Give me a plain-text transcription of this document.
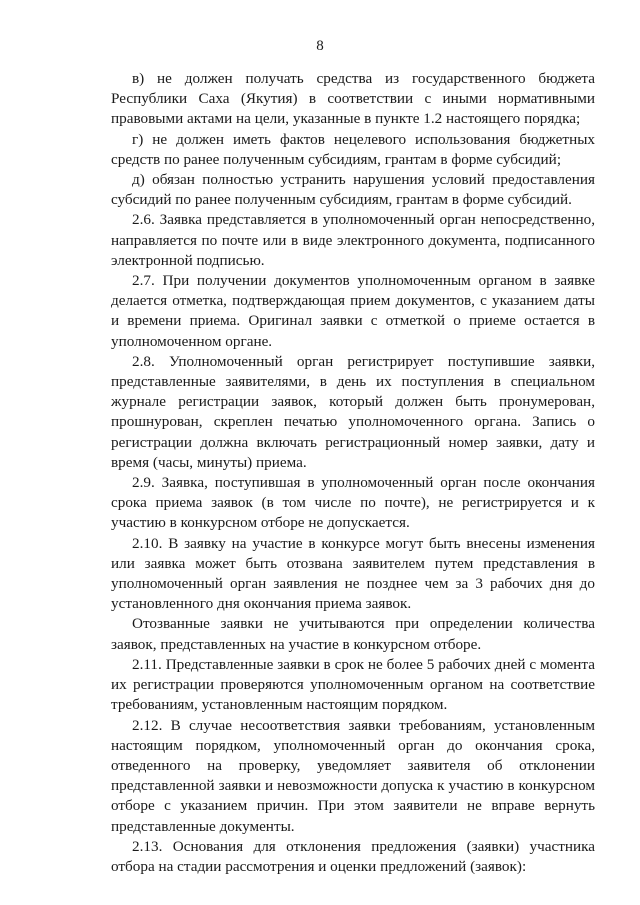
8

в) не должен получать средства из государственного бюджета Республики Саха (Якутия) в соответствии с иными нормативными правовыми актами на цели, указанные в пункте 1.2 настоящего порядка;

г) не должен иметь фактов нецелевого использования бюджетных средств по ранее полученным субсидиям, грантам в форме субсидий;

д) обязан полностью устранить нарушения условий предоставления субсидий по ранее полученным субсидиям, грантам в форме субсидий.

2.6. Заявка представляется в уполномоченный орган непосредственно, направляется по почте или в виде электронного документа, подписанного электронной подписью.

2.7. При получении документов уполномоченным органом в заявке делается отметка, подтверждающая прием документов, с указанием даты и времени приема. Оригинал заявки с отметкой о приеме остается в уполномоченном органе.

2.8. Уполномоченный орган регистрирует поступившие заявки, представленные заявителями, в день их поступления в специальном журнале регистрации заявок, который должен быть пронумерован, прошнурован, скреплен печатью уполномоченного органа. Запись о регистрации должна включать регистрационный номер заявки, дату и время (часы, минуты) приема.

2.9. Заявка, поступившая в уполномоченный орган после окончания срока приема заявок (в том числе по почте), не регистрируется и к участию в конкурсном отборе не допускается.

2.10. В заявку на участие в конкурсе могут быть внесены изменения или заявка может быть отозвана заявителем путем представления в уполномоченный орган заявления не позднее чем за 3 рабочих дня до установленного дня окончания приема заявок.

Отозванные заявки не учитываются при определении количества заявок, представленных на участие в конкурсном отборе.

2.11. Представленные заявки в срок не более 5 рабочих дней с момента их регистрации проверяются уполномоченным органом на соответствие требованиям, установленным настоящим порядком.

2.12. В случае несоответствия заявки требованиям, установленным настоящим порядком, уполномоченный орган до окончания срока, отведенного на проверку, уведомляет заявителя об отклонении представленной заявки и невозможности допуска к участию в конкурсном отборе с указанием причин. При этом заявители не вправе вернуть представленные документы.

2.13. Основания для отклонения предложения (заявки) участника отбора на стадии рассмотрения и оценки предложений (заявок):
